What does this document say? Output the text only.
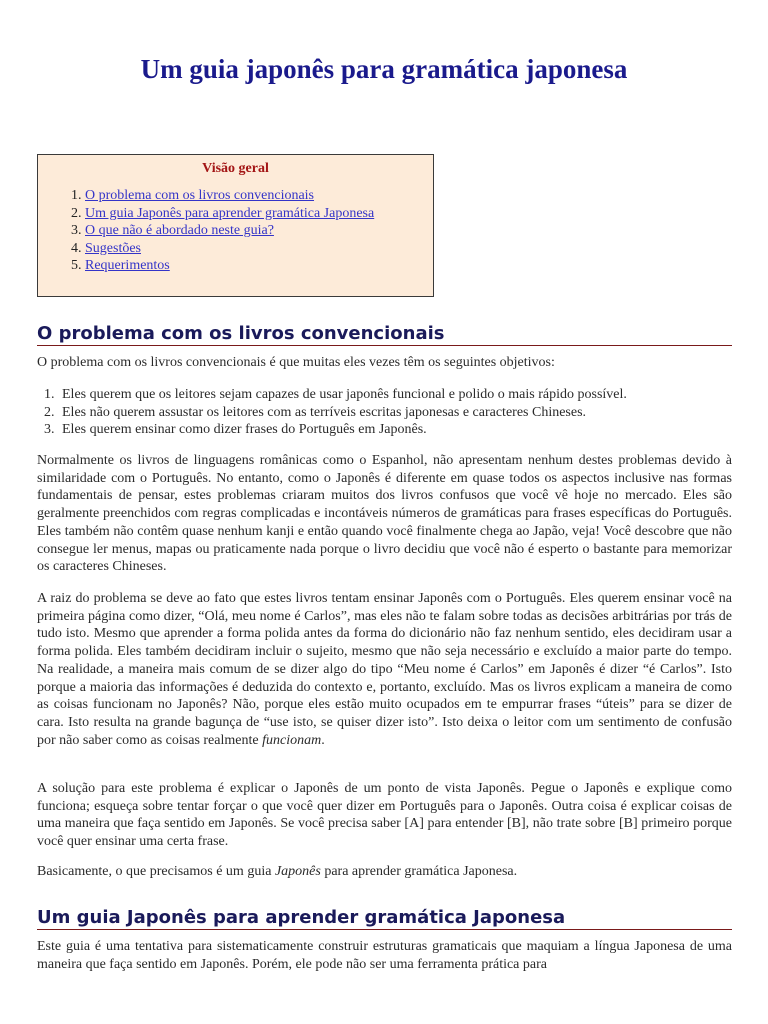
Um guia japonês para gramática japonesa
Visão geral
1. O problema com os livros convencionais
2. Um guia Japonês para aprender gramática Japonesa
3. O que não é abordado neste guia?
4. Sugestões
5. Requerimentos
O problema com os livros convencionais

O problema com os livros convencionais é que muitas eles vezes têm os seguintes objetivos:

1. Eles querem que os leitores sejam capazes de usar japonês funcional e polido o mais rápido possível.
2. Eles não querem assustar os leitores com as terríveis escritas japonesas e caracteres Chineses.
3. Eles querem ensinar como dizer frases do Português em Japonês.

Normalmente os livros de linguagens românicas como o Espanhol, não apresentam nenhum destes problemas devido à similaridade com o Português. No entanto, como o Japonês é diferente em quase todos os aspectos inclusive nas formas fundamentais de pensar, estes problemas criaram muitos dos livros confusos que você vê hoje no mercado. Eles são geralmente preenchidos com regras complicadas e incontáveis números de gramáticas para frases específicas do Português. Eles também não contêm quase nenhum kanji e então quando você finalmente chega ao Japão, veja! Você descobre que não consegue ler menus, mapas ou praticamente nada porque o livro decidiu que você não é esperto o bastante para memorizar os caracteres Chineses.

A raiz do problema se deve ao fato que estes livros tentam ensinar Japonês com o Português. Eles querem ensinar você na primeira página como dizer, “Olá, meu nome é Carlos”, mas eles não te falam sobre todas as decisões arbitrárias por trás de tudo isto. Mesmo que aprender a forma polida antes da forma do dicionário não faz nenhum sentido, eles decidiram usar a forma polida. Eles também decidiram incluir o sujeito, mesmo que não seja necessário e excluído a maior parte do tempo. Na realidade, a maneira mais comum de se dizer algo do tipo “Meu nome é Carlos” em Japonês é dizer “é Carlos”. Isto porque a maioria das informações é deduzida do contexto e, portanto, excluído. Mas os livros explicam a maneira de como as coisas funcionam no Japonês? Não, porque eles estão muito ocupados em te empurrar frases “úteis” para se dizer de cara. Isto resulta na grande bagunça de “use isto, se quiser dizer isto”. Isto deixa o leitor com um sentimento de confusão por não saber como as coisas realmente funcionam.

A solução para este problema é explicar o Japonês de um ponto de vista Japonês. Pegue o Japonês e explique como funciona; esqueça sobre tentar forçar o que você quer dizer em Português para o Japonês. Outra coisa é explicar coisas de uma maneira que faça sentido em Japonês. Se você precisa saber [A] para entender [B], não trate sobre [B] primeiro porque você quer ensinar uma certa frase.

Basicamente, o que precisamos é um guia Japonês para aprender gramática Japonesa.

Um guia Japonês para aprender gramática Japonesa

Este guia é uma tentativa para sistematicamente construir estruturas gramaticais que maquiam a língua Japonesa de uma maneira que faça sentido em Japonês. Porém, ele pode não ser uma ferramenta prática para
